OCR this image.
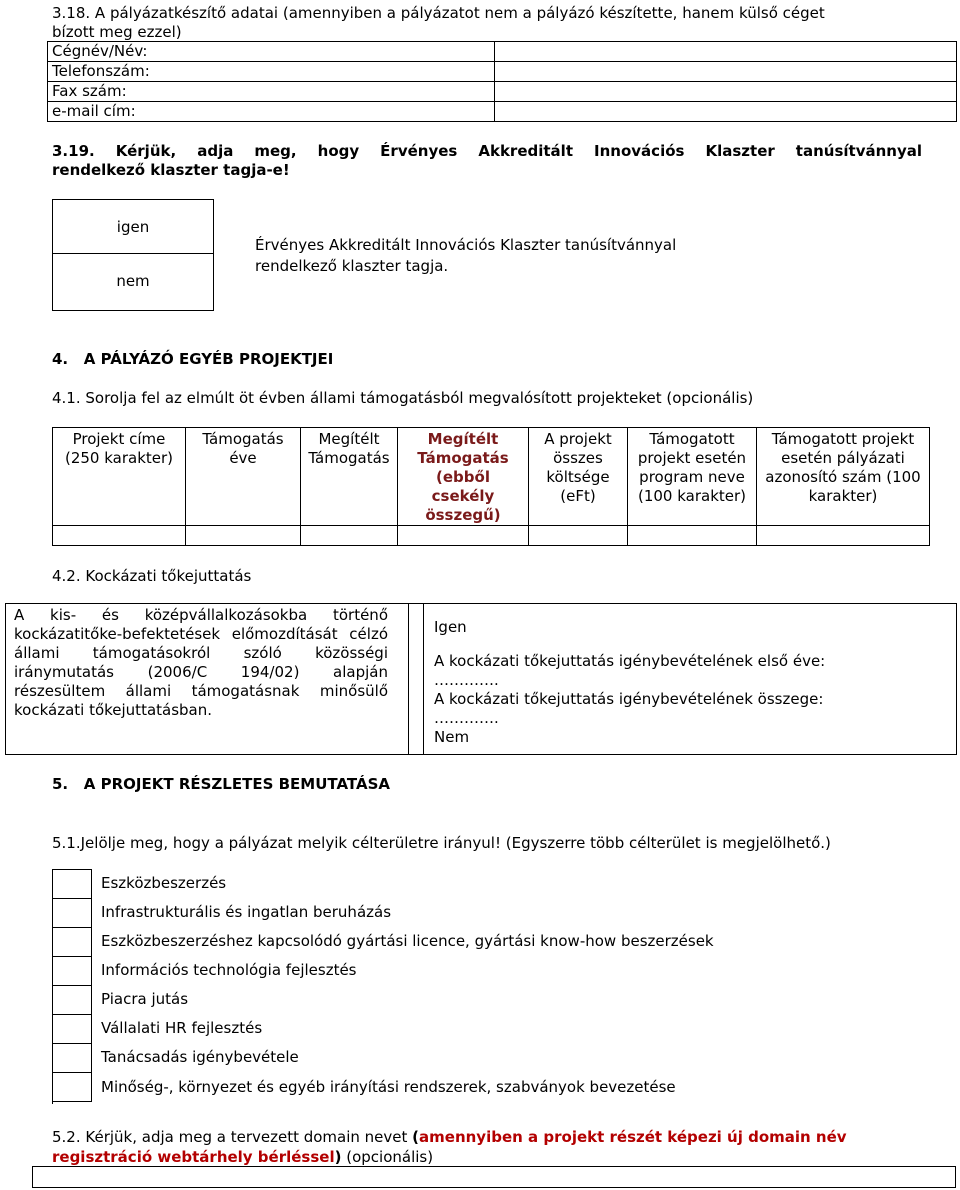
3.18. A pályázatkészítő adatai (amennyiben a pályázatot nem a pályázó készítette, hanem külső céget
bízott meg ezzel)
Cégnév/Név:	
Telefonszám:	
Fax szám:	
e-mail cím:	
3.19. Kérjük, adja meg, hogy Érvényes Akkreditált Innovációs Klaszter tanúsítvánnyal
rendelkező klaszter tagja-e!
igen
nem
Érvényes Akkreditált Innovációs Klaszter tanúsítvánnyal
rendelkező klaszter tagja.
4.   A PÁLYÁZÓ EGYÉB PROJEKTJEI
4.1. Sorolja fel az elmúlt öt évben állami támogatásból megvalósított projekteket (opcionális)
Projekt címe (250 karakter)	Támogatás éve	Megítélt Támogatás	Megítélt Támogatás (ebből csekély összegű)	A projekt összes költsége (eFt)	Támogatott projekt esetén program neve (100 karakter)	Támogatott projekt esetén pályázati azonosító szám (100 karakter)

4.2. Kockázati tőkejuttatás
A kis- és középvállalkozásokba történő kockázatitőke-befektetések előmozdítását célzó állami támogatásokról szóló közösségi iránymutatás (2006/C 194/02) alapján részesültem állami támogatásnak minősülő kockázati tőkejuttatásban.		
Igen
A kockázati tőkejuttatás igénybevételének első éve:
………….
A kockázati tőkejuttatás igénybevételének összege:
………….
Nem
5.   A PROJEKT RÉSZLETES BEMUTATÁSA
5.1.Jelölje meg, hogy a pályázat melyik célterületre irányul! (Egyszerre több célterület is megjelölhető.)
Eszközbeszerzés
Infrastrukturális és ingatlan beruházás
Eszközbeszerzéshez kapcsolódó gyártási licence, gyártási know-how beszerzések
Információs technológia fejlesztés
Piacra jutás
Vállalati HR fejlesztés
Tanácsadás igénybevétele
Minőség-, környezet és egyéb irányítási rendszerek, szabványok bevezetése
5.2. Kérjük, adja meg a tervezett domain nevet (amennyiben a projekt részét képezi új domain név
regisztráció webtárhely bérléssel) (opcionális)
